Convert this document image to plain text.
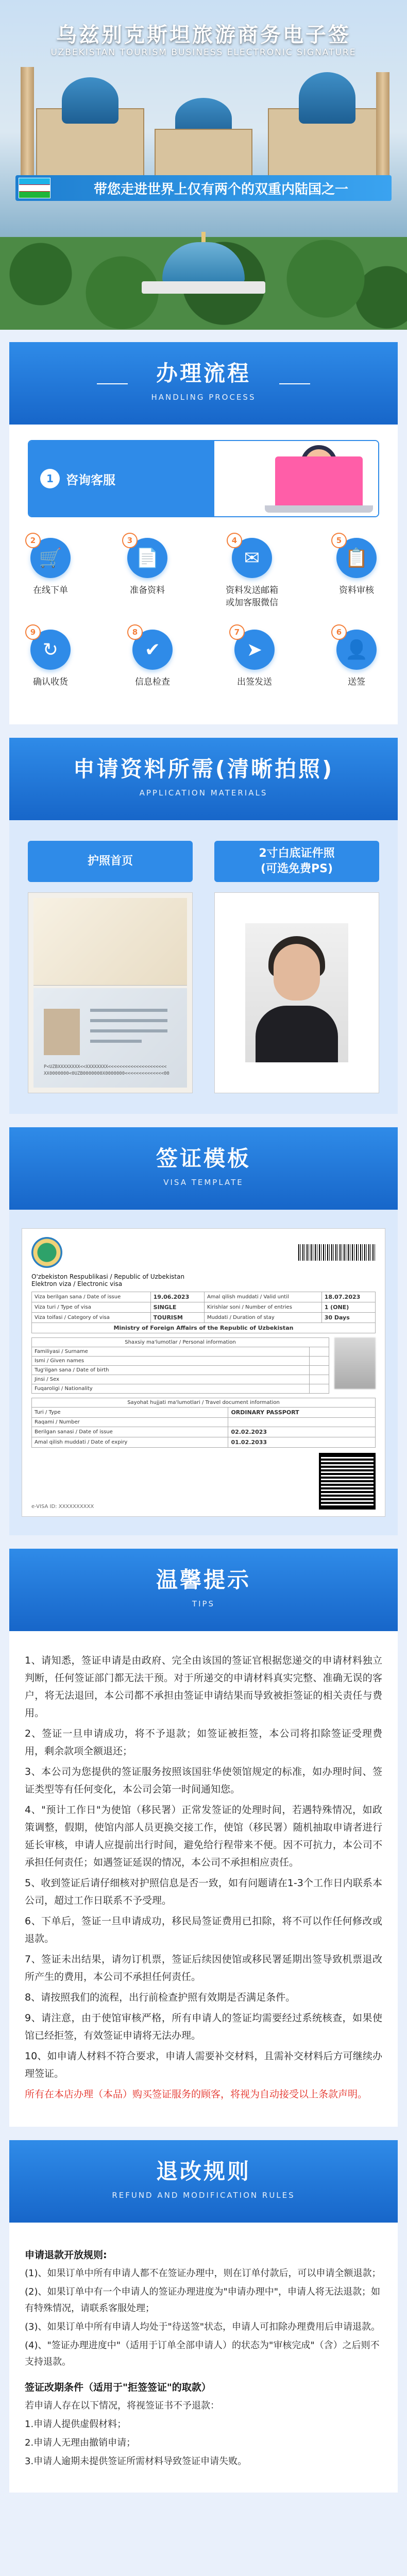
乌兹别克斯坦旅游商务电子签
UZBEKISTAN TOURISM BUSINESS ELECTRONIC SIGNATURE
带您走进世界上仅有两个的双重内陆国之一
办理流程

HANDLING PROCESS

1	咨询客服
🛒
2
在线下单
📄
3
准备资料
✉
4
资料发送邮箱
或加客服微信
📋
5
资料审核
↻
9
确认收货
✔
8
信息检查
➤
7
出签发送
👤
6
送签
申请资料所需(清晰拍照)

APPLICATION MATERIALS

护照首页
2寸白底证件照
(可选免费PS)
P<UZBXXXXXXXX<<XXXXXXXX<<<<<<<<<<<<<<<<<<<<<
XX0000000<0UZB0000000X0000000<<<<<<<<<<<<<<00
签证模板

VISA TEMPLATE

O'zbekiston Respublikasi / Republic of Uzbekistan
Elektron viza / Electronic visa
Viza berilgan sana / Date of issue	19.06.2023	Amal qilish muddati / Valid until	18.07.2023
Viza turi / Type of visa	SINGLE	Kirishlar soni / Number of entries	1 (ONE)
Viza toifasi / Category of visa	TOURISM	Muddati / Duration of stay	30 Days
Ministry of Foreign Affairs of the Republic of Uzbekistan			
Shaxsiy ma'lumotlar / Personal information	
Familiyasi / Surname	
Ismi / Given names	
Tug'ilgan sana / Date of birth	
Jinsi / Sex	
Fuqaroligi / Nationality	
Sayohat hujjati ma'lumotlari / Travel document information	
Turi / Type	ORDINARY PASSPORT
Raqami / Number	
Berilgan sanasi / Date of issue	02.02.2023
Amal qilish muddati / Date of expiry	01.02.2033
e-VISA ID: XXXXXXXXXX
温馨提示

TIPS

1、请知悉，签证申请是由政府、完全由该国的签证官根据您递交的申请材料独立判断，任何签证部门都无法干预。对于所递交的申请材料真实完整、准确无误的客户，将无法退回，本公司都不承担由签证申请结果而导致被拒签证的相关责任与费用。

2、签证一旦申请成功，将不予退款；如签证被拒签，本公司将扣除签证受理费用，剩余款项全额退还；

3、本公司为您提供的签证服务按照该国驻华使领馆规定的标准，如办理时间、签证类型等有任何变化，本公司会第一时间通知您。

4、"预计工作日"为使馆（移民署）正常发签证的处理时间，若遇特殊情况，如政策调整，假期，使馆内部人员更换交接工作，使馆（移民署）随机抽取申请者进行延长审核，申请人应提前出行时间，避免给行程带来不便。因不可抗力，本公司不承担任何责任；如遇签证延误的情况，本公司不承担相应责任。

5、收到签证后请仔细核对护照信息是否一致，如有问题请在1-3个工作日内联系本公司，超过工作日联系不予受理。

6、下单后，签证一旦申请成功，移民局签证费用已扣除，将不可以作任何修改或退款。

7、签证未出结果，请勿订机票，签证后续因使馆或移民署延期出签导致机票退改所产生的费用，本公司不承担任何责任。

8、请按照我们的流程，出行前检查护照有效期是否满足条件。

9、请注意，由于使馆审核严格，所有申请人的签证均需要经过系统核查，如果使馆已经拒签，有效签证申请将无法办理。

10、如申请人材料不符合要求，申请人需要补交材料，且需补交材料后方可继续办理签证。

所有在本店办理（本品）购买签证服务的顾客，将视为自动接受以上条款声明。

退改规则

REFUND AND MODIFICATION RULES

申请退款开放规则:

(1)、如果订单中所有申请人都不在签证办理中，则在订单付款后，可以申请全额退款；

(2)、如果订单中有一个申请人的签证办理进度为"申请办理中"，申请人将无法退款；如有特殊情况，请联系客服处理；

(3)、如果订单中所有申请人均处于"待送签"状态，申请人可扣除办理费用后申请退款。

(4)、"签证办理进度中"（适用于订单全部申请人）的状态为"审核完成"（含）之后则不支持退款。

签证改期条件（适用于"拒签签证"的取款）

若申请人存在以下情况，将视签证书不予退款：

1.申请人提供虚假材料；

2.申请人无理由撤销申请；

3.申请人逾期未提供签证所需材料导致签证申请失败。
